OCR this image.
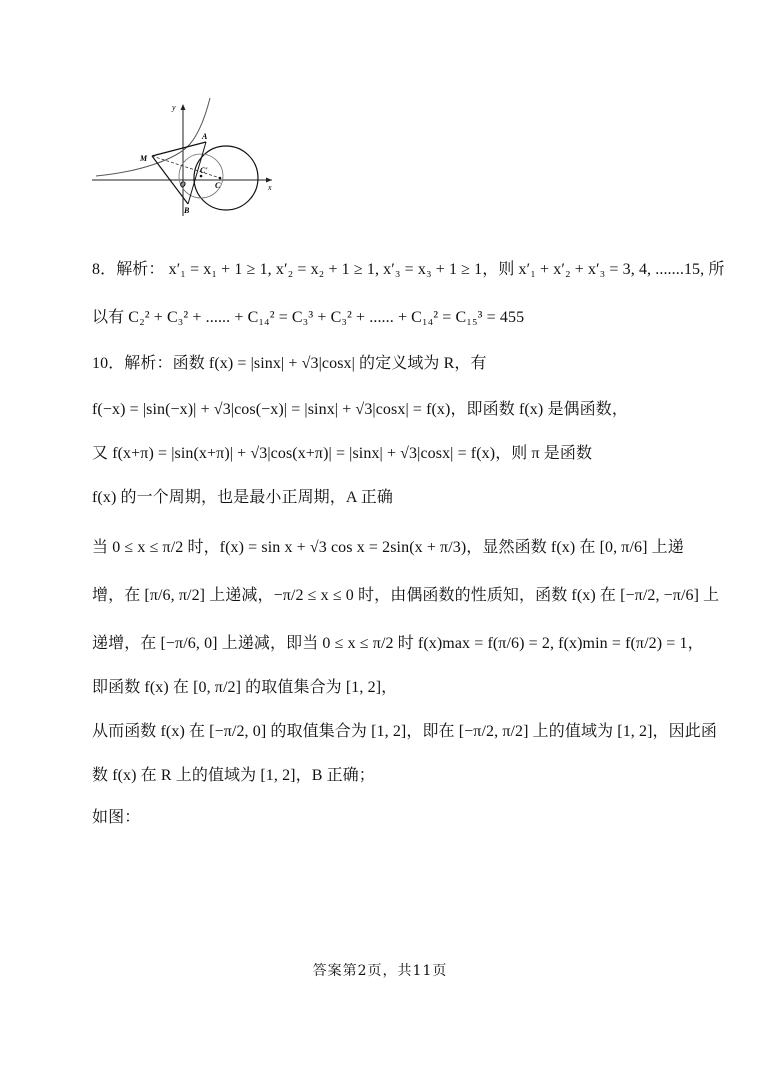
y
x
A
M
O
C'
C
B
8．解析： x′₁ = x₁ + 1 ≥ 1, x′₂ = x₂ + 1 ≥ 1, x′₃ = x₃ + 1 ≥ 1，则 x′₁ + x′₂ + x′₃ = 3, 4, .......15, 所
以有 C₂² + C₃² + ...... + C₁₄² = C₃³ + C₃² + ...... + C₁₄² = C₁₅³ = 455
10．解析：函数 f(x) = |sinx| + √3|cosx| 的定义域为 R，有
f(−x) = |sin(−x)| + √3|cos(−x)| = |sinx| + √3|cosx| = f(x)，即函数 f(x) 是偶函数，
又 f(x+π) = |sin(x+π)| + √3|cos(x+π)| = |sinx| + √3|cosx| = f(x)，则 π 是函数
f(x) 的一个周期，也是最小正周期，A 正确
当 0 ≤ x ≤ π/2 时，f(x) = sin x + √3 cos x = 2sin(x + π/3)，显然函数 f(x) 在 [0, π/6] 上递
增，在 [π/6, π/2] 上递减，−π/2 ≤ x ≤ 0 时，由偶函数的性质知，函数 f(x) 在 [−π/2, −π/6] 上
递增，在 [−π/6, 0] 上递减，即当 0 ≤ x ≤ π/2 时 f(x)max = f(π/6) = 2, f(x)min = f(π/2) = 1，
即函数 f(x) 在 [0, π/2] 的取值集合为 [1, 2]，
从而函数 f(x) 在 [−π/2, 0] 的取值集合为 [1, 2]，即在 [−π/2, π/2] 上的值域为 [1, 2]，因此函
数 f(x) 在 R 上的值域为 [1, 2]，B 正确；
如图：
答案第2页，共11页
